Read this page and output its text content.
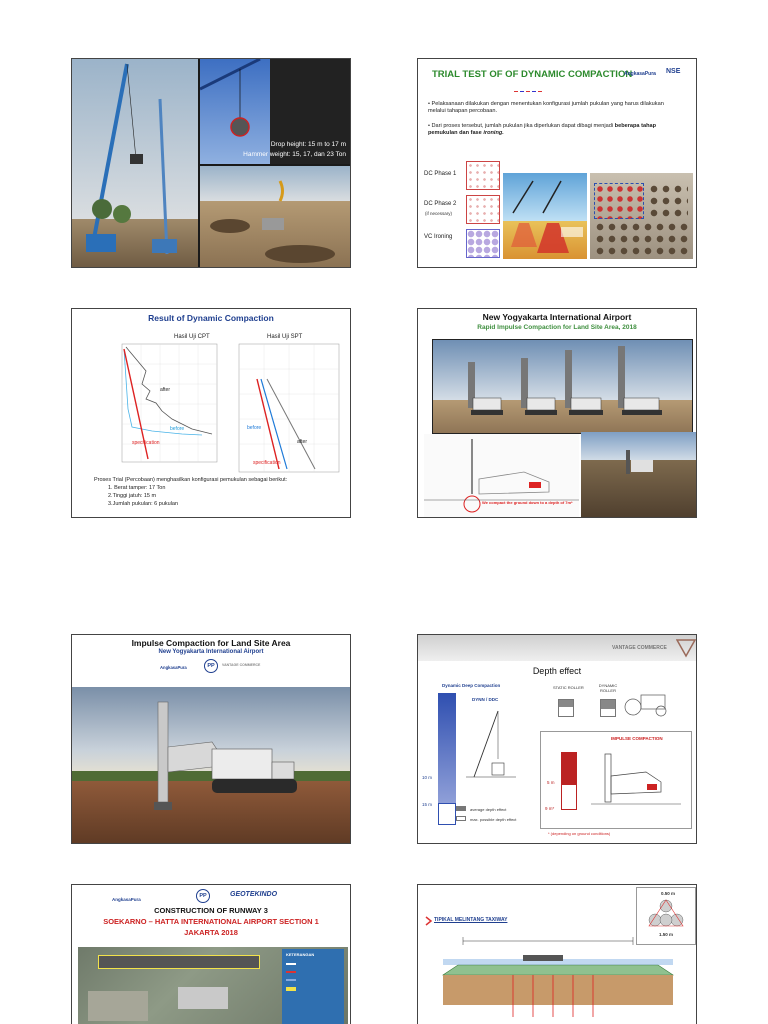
Drop height: 15 m to 17 m
Hammer weight: 15, 17, dan 23 Ton
TRIAL TEST OF OF DYNAMIC COMPACTION
AngkasaPura NSE
• Pelaksanaan dilakukan dengan menentukan konfigurasi jumlah pukulan yang harus dilakukan melalui tahapan percobaan.
• Dari proses tersebut, jumlah pukulan jika diperlukan dapat dibagi menjadi beberapa tahap pemukulan dan fase ironing.
DC Phase 1
DC Phase 2
(if necessary)
VC Ironing
Result of Dynamic Compaction
Hasil Uji CPT
after
before
specification
Hasil Uji SPT
before
after
specification
Proses Trial (Percobaan) menghasilkan konfigurasi pemukulan sebagai berikut:
1. Berat tamper: 17 Ton
2.Tinggi jatuh: 15 m
3.Jumlah pukulan: 6 pukulan
New Yogyakarta International Airport
Rapid Impulse Compaction for Land Site Area, 2018
We compact the ground down to a depth of 7m*
Impulse Compaction for Land Site Area
New Yogyakarta International Airport
AngkasaPura	PP	VANTAGE COMMERCE
VANTAGE COMMERCE
Depth effect
Dynamic Deep Compaction
10 m
15 m
DYNN / DDC
average depth effect
max. possible depth effect
STATIC ROLLER	DYNAMIC ROLLER
IMPULSE COMPACTION
5 m
9 m*
* (depending on ground conditions)
AngkasaPura
PP	GEOTEKINDO
CONSTRUCTION OF RUNWAY 3
SOEKARNO – HATTA INTERNATIONAL AIRPORT SECTION 1
JAKARTA 2018
KETERANGAN
TIPIKAL MELINTANG TAXIWAY
0.50 m
1.50 m
